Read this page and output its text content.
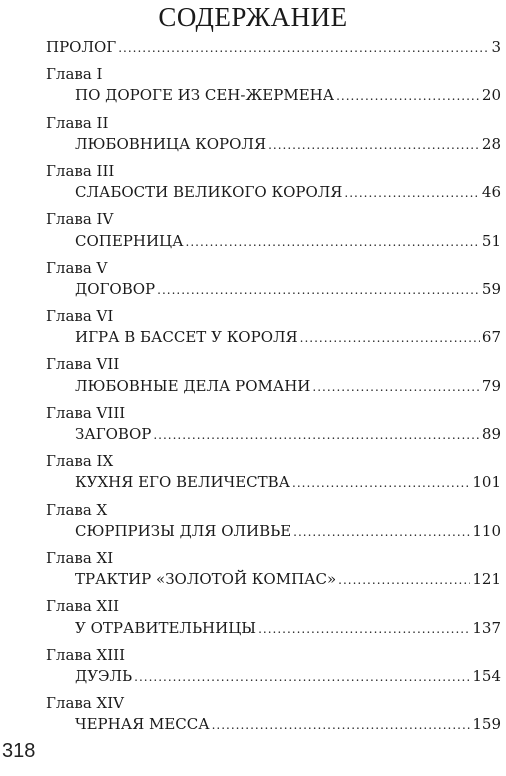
СОДЕРЖАНИЕ
ПРОЛОГ .....	3
Глава I
ПО ДОРОГЕ ИЗ СЕН-ЖЕРМЕНА .....	20
Глава II
ЛЮБОВНИЦА КОРОЛЯ .....	28
Глава III
СЛАБОСТИ ВЕЛИКОГО КОРОЛЯ .....	46
Глава IV
СОПЕРНИЦА .....	51
Глава V
ДОГОВОР .....	59
Глава VI
ИГРА В БАССЕТ У КОРОЛЯ .....	67
Глава VII
ЛЮБОВНЫЕ ДЕЛА РОМАНИ .....	79
Глава VIII
ЗАГОВОР .....	89
Глава IX
КУХНЯ ЕГО ВЕЛИЧЕСТВА .....	101
Глава X
СЮРПРИЗЫ ДЛЯ ОЛИВЬЕ .....	110
Глава XI
ТРАКТИР «ЗОЛОТОЙ КОМПАС» .....	121
Глава XII
У ОТРАВИТЕЛЬНИЦЫ .....	137
Глава XIII
ДУЭЛЬ .....	154
Глава XIV
ЧЕРНАЯ МЕССА .....	159
318
